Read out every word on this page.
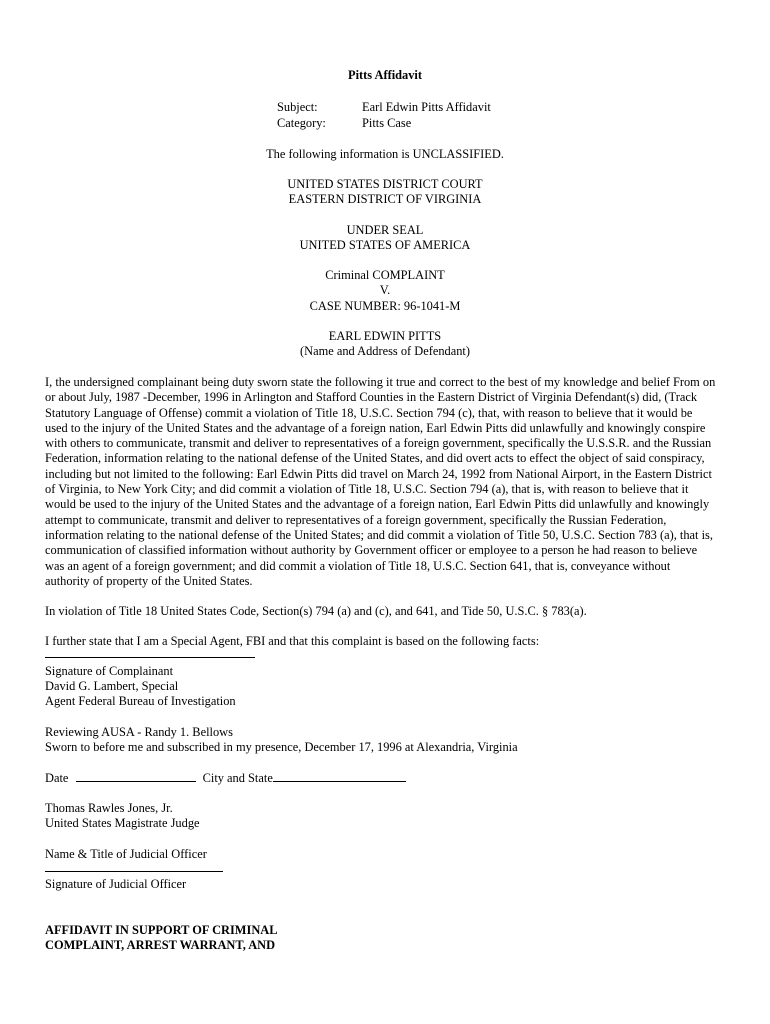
Pitts Affidavit
Subject:	Earl Edwin Pitts Affidavit
Category:	Pitts Case
The following information is UNCLASSIFIED.
UNITED STATES DISTRICT COURT
EASTERN DISTRICT OF VIRGINIA
UNDER SEAL
UNITED STATES OF AMERICA
Criminal COMPLAINT
V.
CASE NUMBER: 96-1041-M
EARL EDWIN PITTS
(Name and Address of Defendant)
I, the undersigned complainant being duty sworn state the following it true and correct to the best of my knowledge and belief From on
or about July, 1987 -December, 1996 in Arlington and Stafford Counties in the Eastern District of Virginia Defendant(s) did, (Track
Statutory Language of Offense) commit a violation of Title 18, U.S.C. Section 794 (c), that, with reason to believe that it would be
used to the injury of the United States and the advantage of a foreign nation, Earl Edwin Pitts did unlawfully and knowingly conspire
with others to communicate, transmit and deliver to representatives of a foreign government, specifically the U.S.S.R. and the Russian
Federation, information relating to the national defense of the United States, and did overt acts to effect the object of said conspiracy,
including but not limited to the following: Earl Edwin Pitts did travel on March 24, 1992 from National Airport, in the Eastern District
of Virginia, to New York City; and did commit a violation of Title 18, U.S.C. Section 794 (a), that is, with reason to believe that it
would be used to the injury of the United States and the advantage of a foreign nation, Earl Edwin Pitts did unlawfully and knowingly
attempt to communicate, transmit and deliver to representatives of a foreign government, specifically the Russian Federation,
information relating to the national defense of the United States; and did commit a violation of Title 50, U.S.C. Section 783 (a), that is,
communication of classified information without authority by Government officer or employee to a person he had reason to believe
was an agent of a foreign government; and did commit a violation of Title 18, U.S.C. Section 641, that is, conveyance without
authority of property of the United States.
In violation of Title 18 United States Code, Section(s) 794 (a) and (c), and 641, and Tide 50, U.S.C. § 783(a).
I further state that I am a Special Agent, FBI and that this complaint is based on the following facts:
Signature of Complainant
David G. Lambert, Special
Agent Federal Bureau of Investigation
Reviewing AUSA - Randy 1. Bellows
Sworn to before me and subscribed in my presence, December 17, 1996 at Alexandria, Virginia
Date	City and State
Thomas Rawles Jones, Jr.
United States Magistrate Judge
Name & Title of Judicial Officer
Signature of Judicial Officer
AFFIDAVIT IN SUPPORT OF CRIMINAL
COMPLAINT, ARREST WARRANT, AND
